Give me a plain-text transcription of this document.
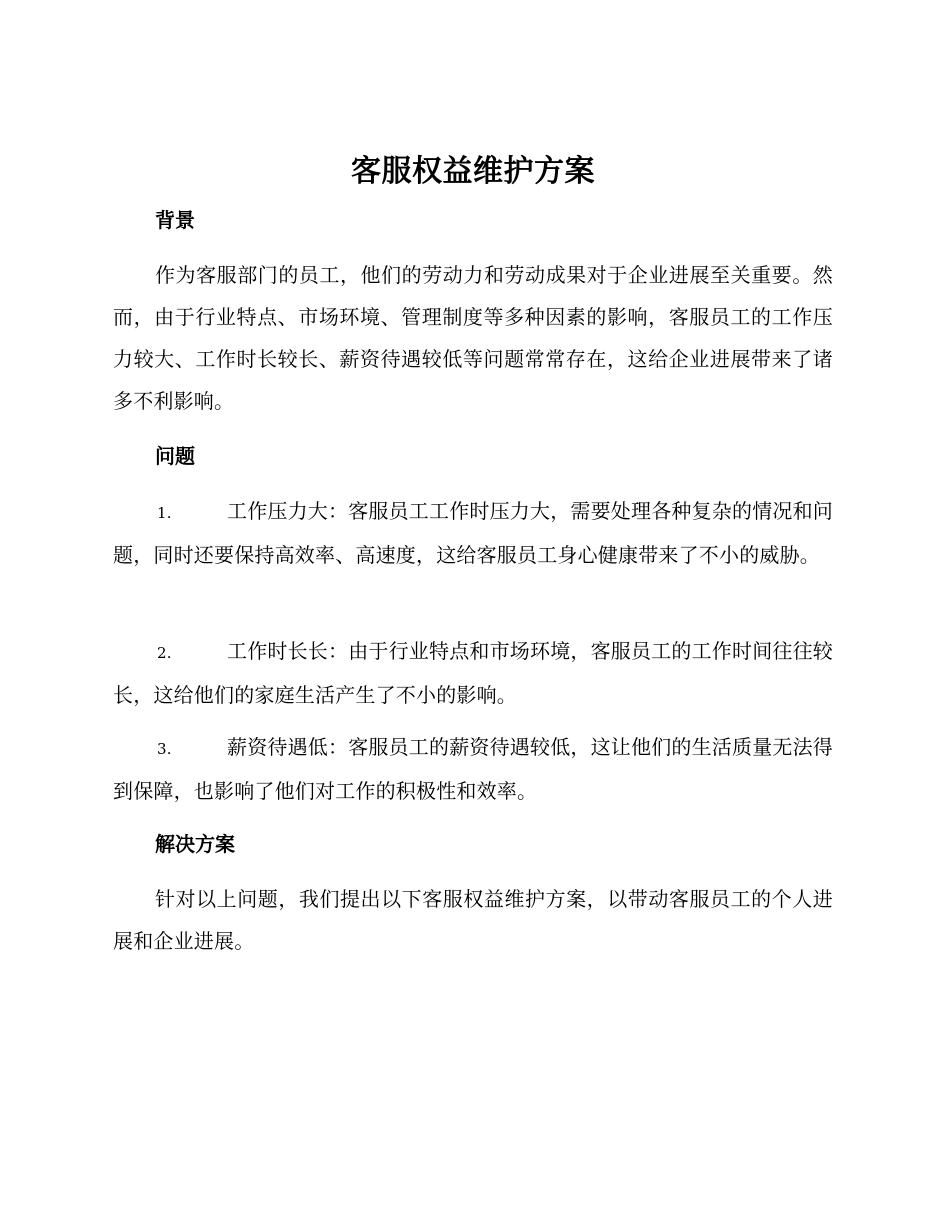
客服权益维护方案
背景
作为客服部门的员工，他们的劳动力和劳动成果对于企业进展至关重要。然而，由于行业特点、市场环境、管理制度等多种因素的影响，客服员工的工作压力较大、工作时长较长、薪资待遇较低等问题常常存在，这给企业进展带来了诸多不利影响。
问题
1.	工作压力大：客服员工工作时压力大，需要处理各种复杂的情况和问题，同时还要保持高效率、高速度，这给客服员工身心健康带来了不小的威胁。
2.	工作时长长：由于行业特点和市场环境，客服员工的工作时间往往较长，这给他们的家庭生活产生了不小的影响。
3.	薪资待遇低：客服员工的薪资待遇较低，这让他们的生活质量无法得到保障，也影响了他们对工作的积极性和效率。
解决方案
针对以上问题，我们提出以下客服权益维护方案，以带动客服员工的个人进展和企业进展。
